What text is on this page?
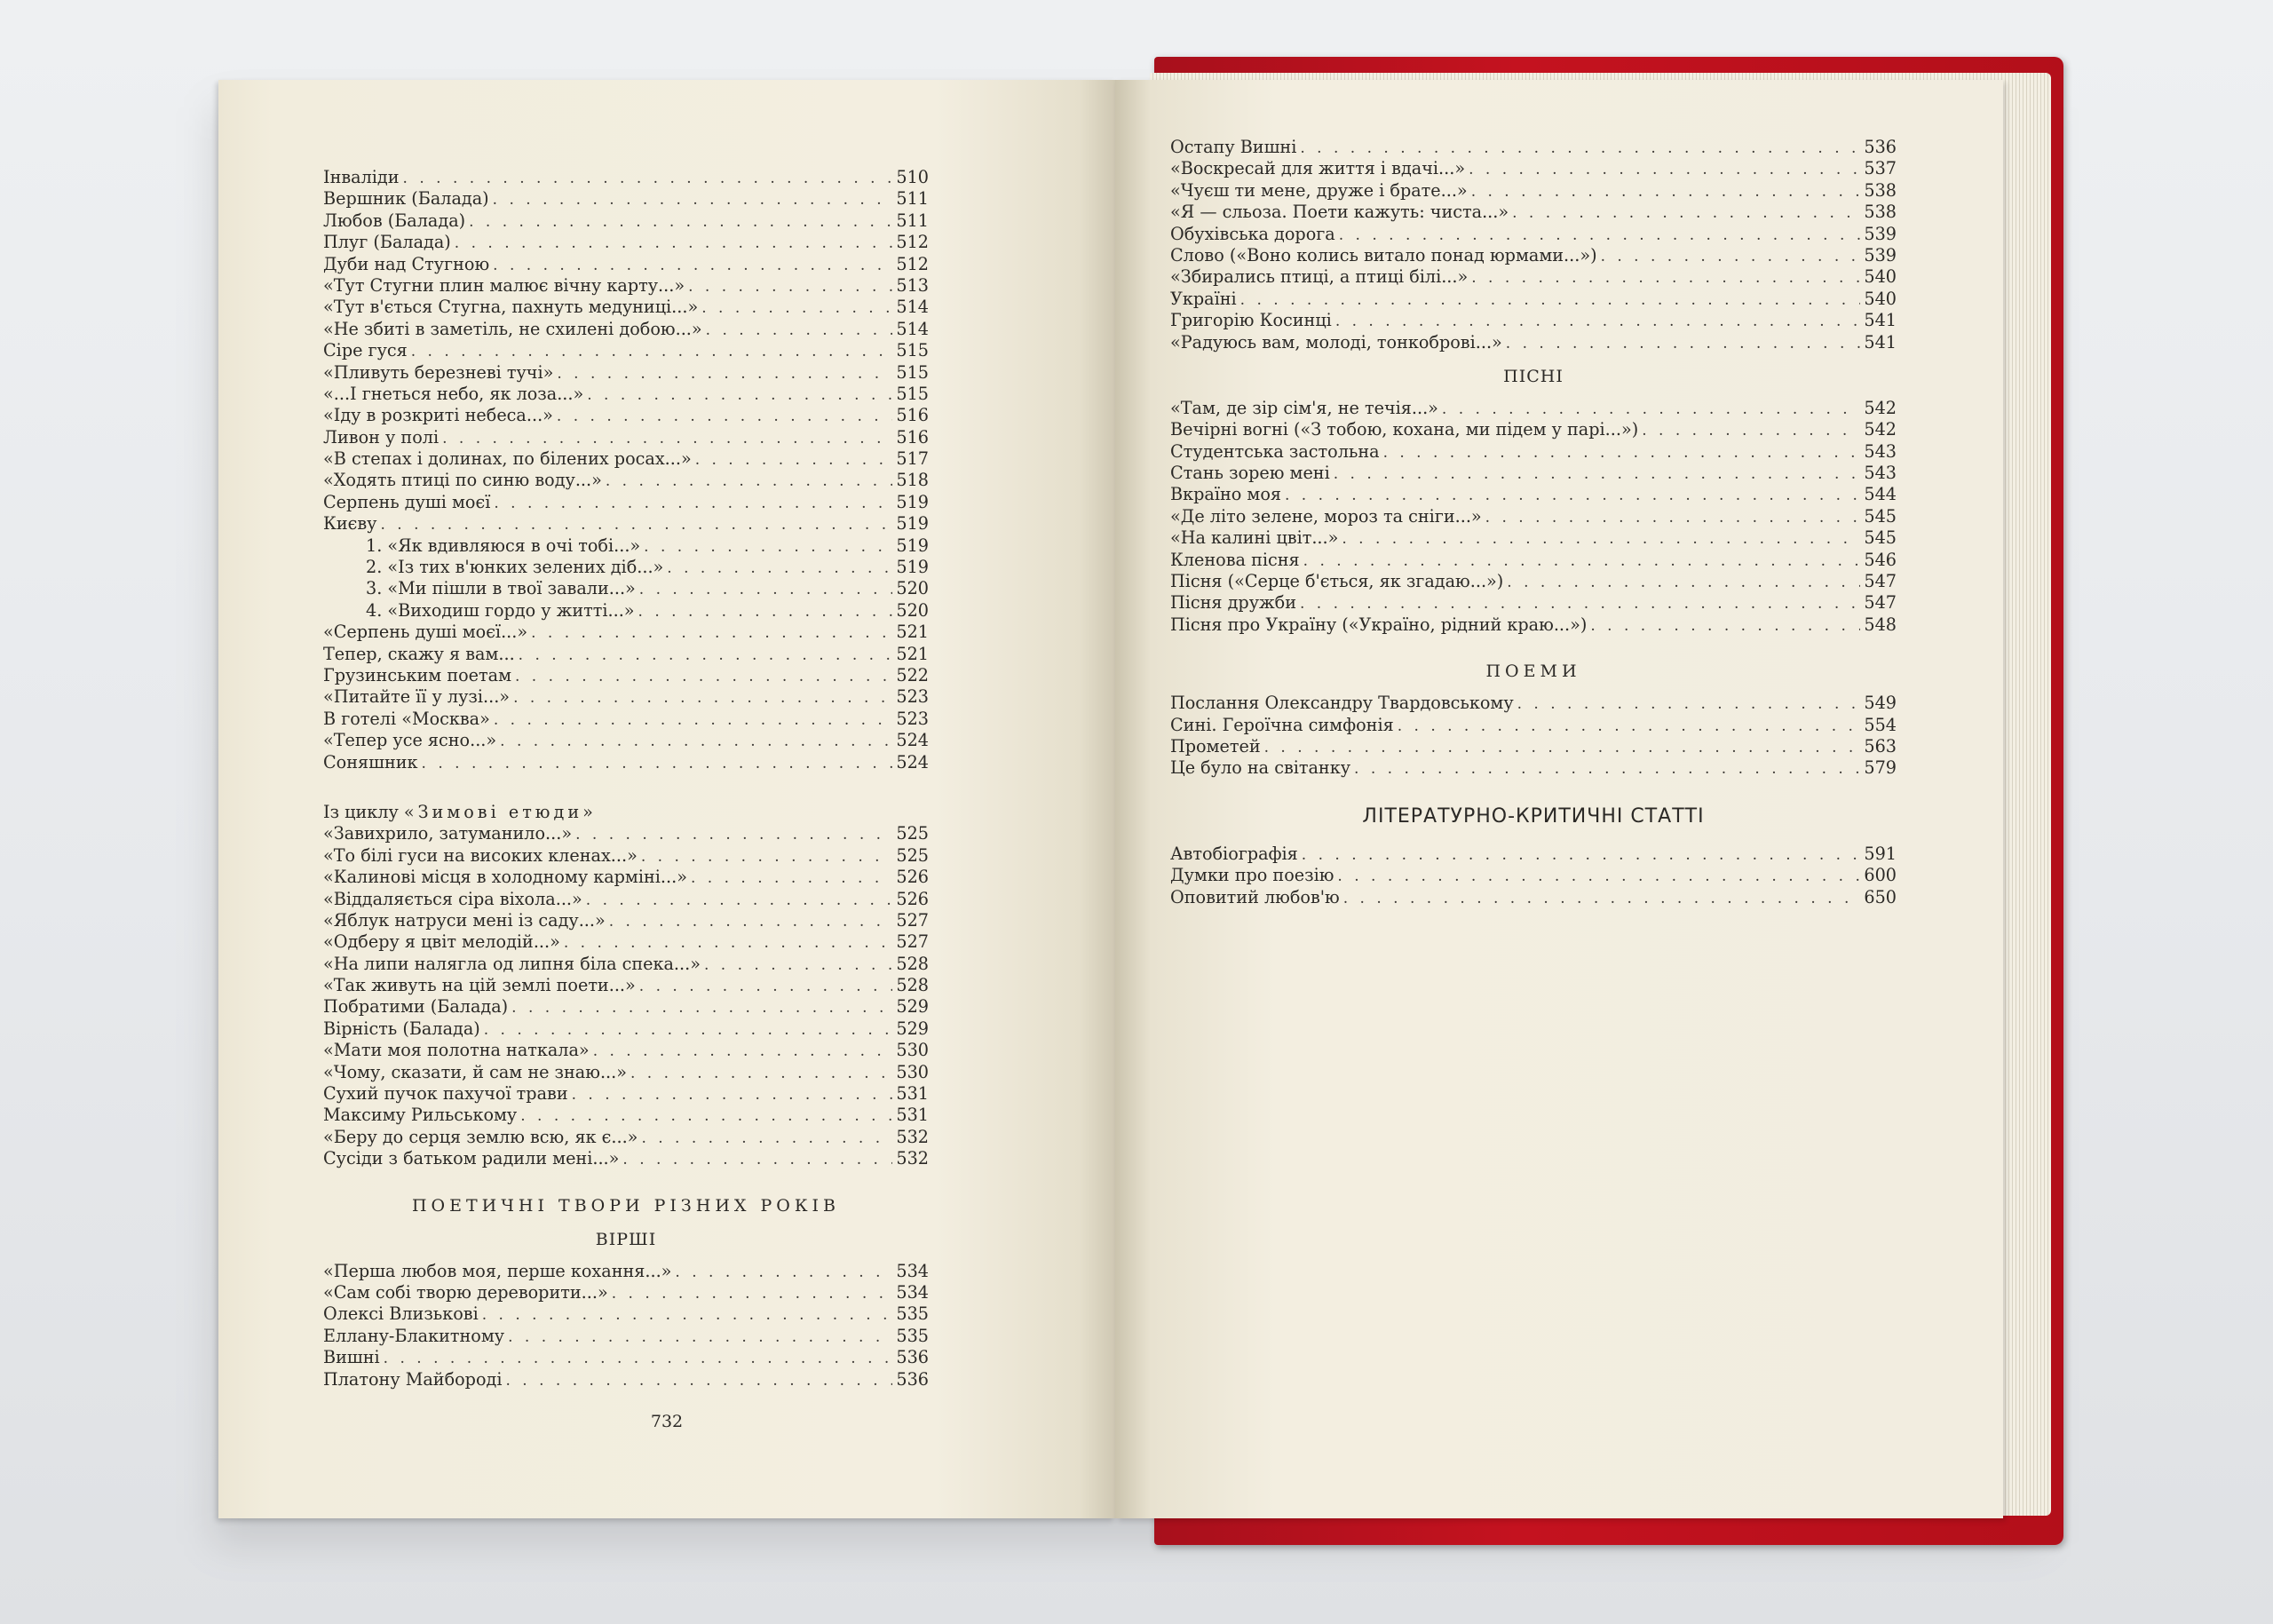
Інваліди . . .	510
Вершник (Балада) . . .	511
Любов (Балада) . . .	511
Плуг (Балада) . . .	512
Дуби над Стугною . . .	512
«Тут Стугни плин малює вічну карту...» . . .	513
«Тут в'ється Стугна, пахнуть медуниці...» . . .	514
«Не збиті в заметіль, не схилені добою...» . . .	514
Сіре гуся . . .	515
«Пливуть березневі тучі» . . .	515
«...І гнеться небо, як лоза...» . . .	515
«Іду в розкриті небеса...» . . .	516
Ливон у полі . . .	516
«В степах і долинах, по білених росах...» . . .	517
«Ходять птиці по синю воду...» . . .	518
Серпень душі моєї . . .	519
Києву . . .	519
1. «Як вдивляюся в очі тобі...» . . .	519
2. «Із тих в'юнких зелених діб...» . . .	519
3. «Ми пішли в твої завали...» . . .	520
4. «Виходиш гордо у житті...» . . .	520
«Серпень душі моєї...» . . .	521
Тепер, скажу я вам... . . .	521
Грузинським поетам . . .	522
«Питайте її у лузі...» . . .	523
В готелі «Москва» . . .	523
«Тепер усе ясно...» . . .	524
Соняшник . . .	524
Із циклу «Зимові етюди»
«Завихрило, затуманило...» . . .	525
«То білі гуси на високих кленах...» . . .	525
«Калинові місця в холодному карміні...» . . .	526
«Віддаляється сіра віхола...» . . .	526
«Яблук натруси мені із саду...» . . .	527
«Одберу я цвіт мелодій...» . . .	527
«На липи налягла од липня біла спека...» . . .	528
«Так живуть на цій землі поети...» . . .	528
Побратими (Балада) . . .	529
Вірність (Балада) . . .	529
«Мати моя полотна наткала» . . .	530
«Чому, сказати, й сам не знаю...» . . .	530
Сухий пучок пахучої трави . . .	531
Максиму Рильському . . .	531
«Беру до серця землю всю, як є...» . . .	532
Сусіди з батьком радили мені...» . . .	532
ПОЕТИЧНІ ТВОРИ РІЗНИХ РОКІВ
ВІРШІ
«Перша любов моя, перше кохання...» . . .	534
«Сам собі творю дереворити...» . . .	534
Олексі Влизькові . . .	535
Еллану-Блакитному . . .	535
Вишні . . .	536
Платону Майбороді . . .	536
732
Остапу Вишні . . .	536
«Воскресай для життя і вдачі...» . . .	537
«Чуєш ти мене, друже і брате...» . . .	538
«Я — сльоза. Поети кажуть: чиста...» . . .	538
Обухівська дорога . . .	539
Слово («Воно колись витало понад юрмами...») . . .	539
«Збирались птиці, а птиці білі...» . . .	540
Україні . . .	540
Григорію Косинці . . .	541
«Радуюсь вам, молоді, тонкоброві...» . . .	541
ПІСНІ
«Там, де зір сім'я, не течія...» . . .	542
Вечірні вогні («З тобою, кохана, ми підем у парі...») . . .	542
Студентська застольна . . .	543
Стань зорею мені . . .	543
Вкраїно моя . . .	544
«Де літо зелене, мороз та сніги...» . . .	545
«На калині цвіт...» . . .	545
Кленова пісня . . .	546
Пісня («Серце б'ється, як згадаю...») . . .	547
Пісня дружби . . .	547
Пісня про Україну («Україно, рідний краю...») . . .	548
ПОЕМИ
Послання Олександру Твардовському . . .	549
Сині. Героїчна симфонія . . .	554
Прометей . . .	563
Це було на світанку . . .	579
ЛІТЕРАТУРНО-КРИТИЧНІ СТАТТІ
Автобіографія . . .	591
Думки про поезію . . .	600
Оповитий любов'ю . . .	650
